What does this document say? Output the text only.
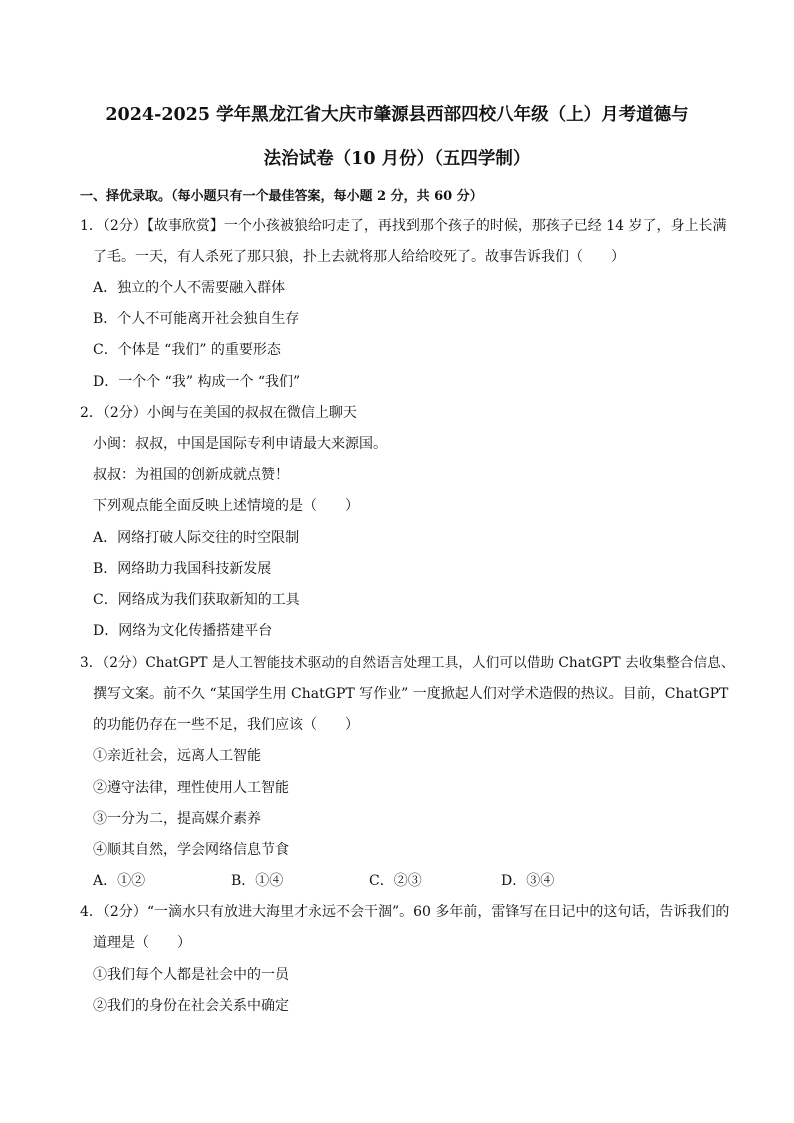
2024-2025 学年黑龙江省大庆市肇源县西部四校八年级（上）月考道德与
法治试卷（10 月份）（五四学制）
一、择优录取。（每小题只有一个最佳答案，每小题 2 分，共 60 分）
1．（2分）【故事欣赏】一个小孩被狼给叼走了，再找到那个孩子的时候，那孩子已经 14 岁了，身上长满
了毛。一天，有人杀死了那只狼，扑上去就将那人给给咬死了。故事告诉我们（　　）
A．独立的个人不需要融入群体
B．个人不可能离开社会独自生存
C．个体是 “我们” 的重要形态
D．一个个 “我” 构成一个 “我们”
2．（2分）小闽与在美国的叔叔在微信上聊天
小闽：叔叔，中国是国际专利申请最大来源国。
叔叔：为祖国的创新成就点赞！
下列观点能全面反映上述情境的是（　　）
A．网络打破人际交往的时空限制
B．网络助力我国科技新发展
C．网络成为我们获取新知的工具
D．网络为文化传播搭建平台
3．（2分）ChatGPT 是人工智能技术驱动的自然语言处理工具，人们可以借助 ChatGPT 去收集整合信息、
撰写文案。前不久 “某国学生用 ChatGPT 写作业” 一度掀起人们对学术造假的热议。目前，ChatGPT
的功能仍存在一些不足，我们应该（　　）
①亲近社会，远离人工智能
②遵守法律，理性使用人工智能
③一分为二，提高媒介素养
④顺其自然，学会网络信息节食
A．①②	B．①④	C．②③	D．③④
4．（2分）“一滴水只有放进大海里才永远不会干涸”。60 多年前，雷锋写在日记中的这句话，告诉我们的
道理是（　　）
①我们每个人都是社会中的一员
②我们的身份在社会关系中确定
